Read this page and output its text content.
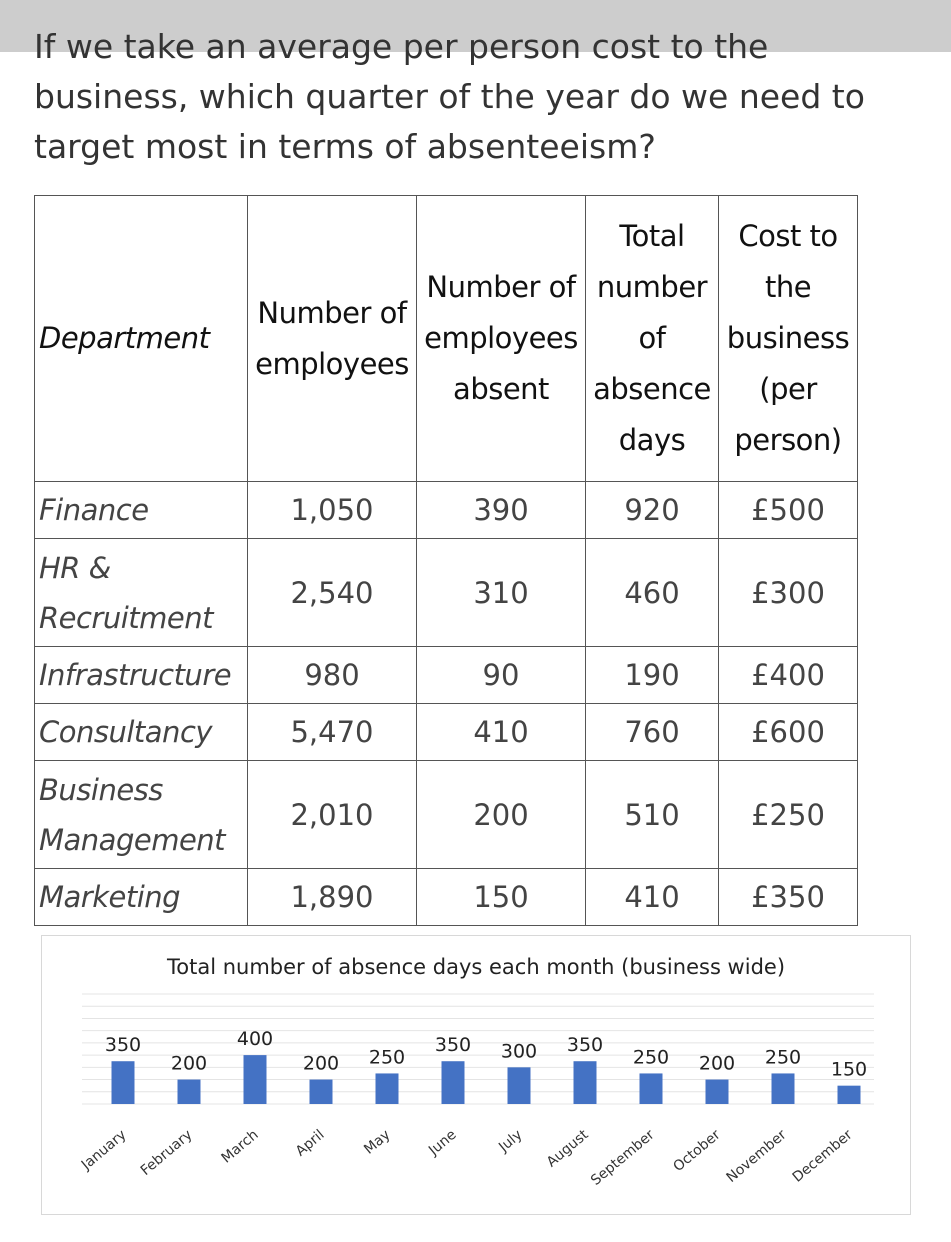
If we take an average per person cost to the business, which quarter of the year do we need to target most in terms of absenteeism?
Department	Number of employees	Number of employees absent	Total number of absence days	Cost to the business (per person)
Finance	1,050	390	920	£500
HR & Recruitment	2,540	310	460	£300
Infrastructure	980	90	190	£400
Consultancy	5,470	410	760	£600
Business Management	2,010	200	510	£250
Marketing	1,890	150	410	£350
Total number of absence days each month (business wide)
350
January
200
February
400
March
200
April
250
May
350
June
300
July
350
August
250
September
200
October
250
November
150
December
